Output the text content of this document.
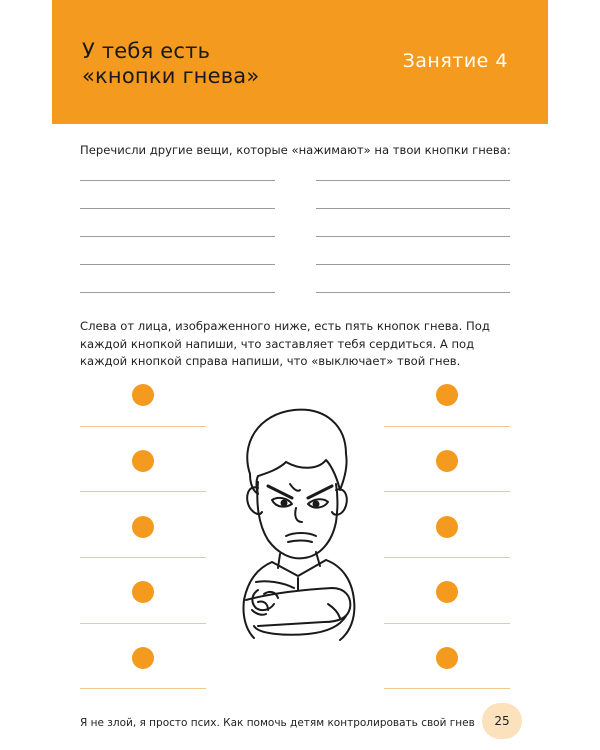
У тебя есть
«кнопки гнева»
Занятие 4
Перечисли другие вещи, которые «нажимают» на твои кнопки гнева:
Слева от лица, изображенного ниже, есть пять кнопок гнева. Под каждой кнопкой напиши, что заставляет тебя сердиться. А под каждой кнопкой справа напиши, что «выключает» твой гнев.
Я не злой, я просто псих. Как помочь детям контролировать свой гнев	25
